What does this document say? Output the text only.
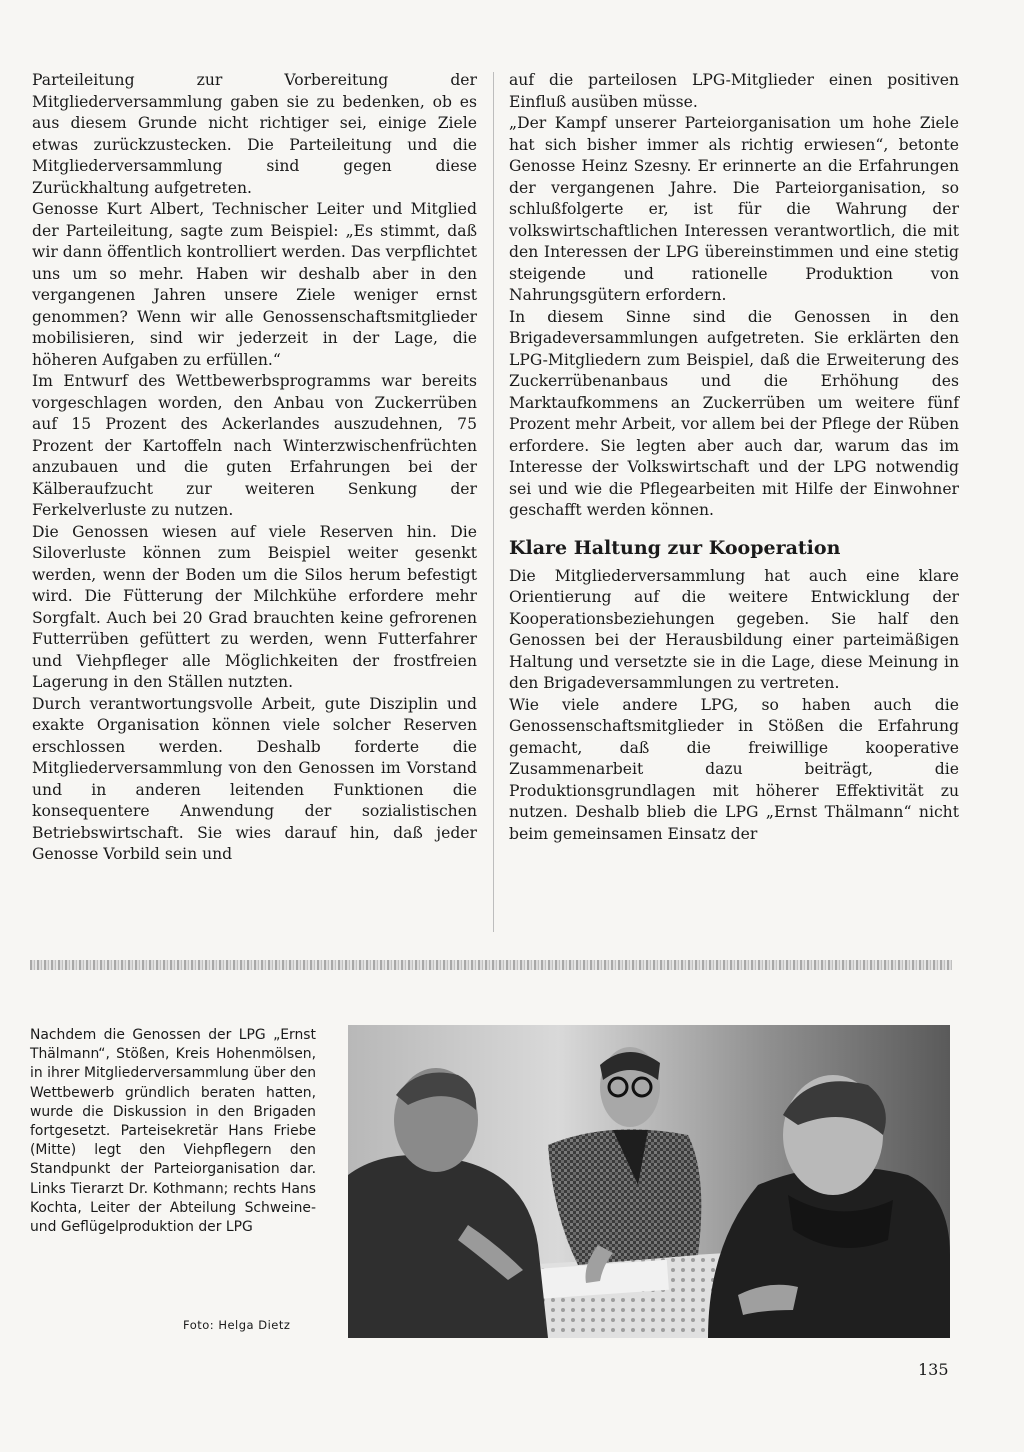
Parteileitung zur Vorbereitung der Mitgliederversammlung gaben sie zu bedenken, ob es aus diesem Grunde nicht richtiger sei, einige Ziele etwas zurückzustecken. Die Parteileitung und die Mitgliederversammlung sind gegen diese Zurückhaltung aufgetreten.

Genosse Kurt Albert, Technischer Leiter und Mitglied der Parteileitung, sagte zum Beispiel: „Es stimmt, daß wir dann öffentlich kontrolliert werden. Das verpflichtet uns um so mehr. Haben wir deshalb aber in den vergangenen Jahren unsere Ziele weniger ernst genommen? Wenn wir alle Genossenschaftsmitglieder mobilisieren, sind wir jederzeit in der Lage, die höheren Aufgaben zu erfüllen.“

Im Entwurf des Wettbewerbsprogramms war bereits vorgeschlagen worden, den Anbau von Zuckerrüben auf 15 Prozent des Ackerlandes auszudehnen, 75 Prozent der Kartoffeln nach Winterzwischenfrüchten anzubauen und die guten Erfahrungen bei der Kälberaufzucht zur weiteren Senkung der Ferkelverluste zu nutzen.

Die Genossen wiesen auf viele Reserven hin. Die Siloverluste können zum Beispiel weiter gesenkt werden, wenn der Boden um die Silos herum befestigt wird. Die Fütterung der Milchkühe erfordere mehr Sorgfalt. Auch bei 20 Grad brauchten keine gefrorenen Futterrüben gefüttert zu werden, wenn Futterfahrer und Viehpfleger alle Möglichkeiten der frostfreien Lagerung in den Ställen nutzten.

Durch verantwortungsvolle Arbeit, gute Disziplin und exakte Organisation können viele solcher Reserven erschlossen werden. Deshalb forderte die Mitgliederversammlung von den Genossen im Vorstand und in anderen leitenden Funktionen die konsequentere Anwendung der sozialistischen Betriebswirtschaft. Sie wies darauf hin, daß jeder Genosse Vorbild sein und

auf die parteilosen LPG-Mitglieder einen positiven Einfluß ausüben müsse.

„Der Kampf unserer Parteiorganisation um hohe Ziele hat sich bisher immer als richtig erwiesen“, betonte Genosse Heinz Szesny. Er erinnerte an die Erfahrungen der vergangenen Jahre. Die Parteiorganisation, so schlußfolgerte er, ist für die Wahrung der volkswirtschaftlichen Interessen verantwortlich, die mit den Interessen der LPG übereinstimmen und eine stetig steigende und rationelle Produktion von Nahrungsgütern erfordern.

In diesem Sinne sind die Genossen in den Brigadeversammlungen aufgetreten. Sie erklärten den LPG-Mitgliedern zum Beispiel, daß die Erweiterung des Zuckerrübenanbaus und die Erhöhung des Marktaufkommens an Zuckerrüben um weitere fünf Prozent mehr Arbeit, vor allem bei der Pflege der Rüben erfordere. Sie legten aber auch dar, warum das im Interesse der Volkswirtschaft und der LPG notwendig sei und wie die Pflegearbeiten mit Hilfe der Einwohner geschafft werden können.

Klare Haltung zur Kooperation

Die Mitgliederversammlung hat auch eine klare Orientierung auf die weitere Entwicklung der Kooperationsbeziehungen gegeben. Sie half den Genossen bei der Herausbildung einer parteimäßigen Haltung und versetzte sie in die Lage, diese Meinung in den Brigadeversammlungen zu vertreten.

Wie viele andere LPG, so haben auch die Genossenschaftsmitglieder in Stößen die Erfahrung gemacht, daß die freiwillige kooperative Zusammenarbeit dazu beiträgt, die Produktionsgrundlagen mit höherer Effektivität zu nutzen. Deshalb blieb die LPG „Ernst Thälmann“ nicht beim gemeinsamen Einsatz der

Nachdem die Genossen der LPG „Ernst Thälmann“, Stößen, Kreis Hohenmölsen, in ihrer Mitgliederversammlung über den Wettbewerb gründlich beraten hatten, wurde die Diskussion in den Brigaden fortgesetzt. Parteisekretär Hans Friebe (Mitte) legt den Viehpflegern den Standpunkt der Parteiorganisation dar. Links Tierarzt Dr. Kothmann; rechts Hans Kochta, Leiter der Abteilung Schweine- und Geflügelproduktion der LPG
Foto: Helga Dietz
135
